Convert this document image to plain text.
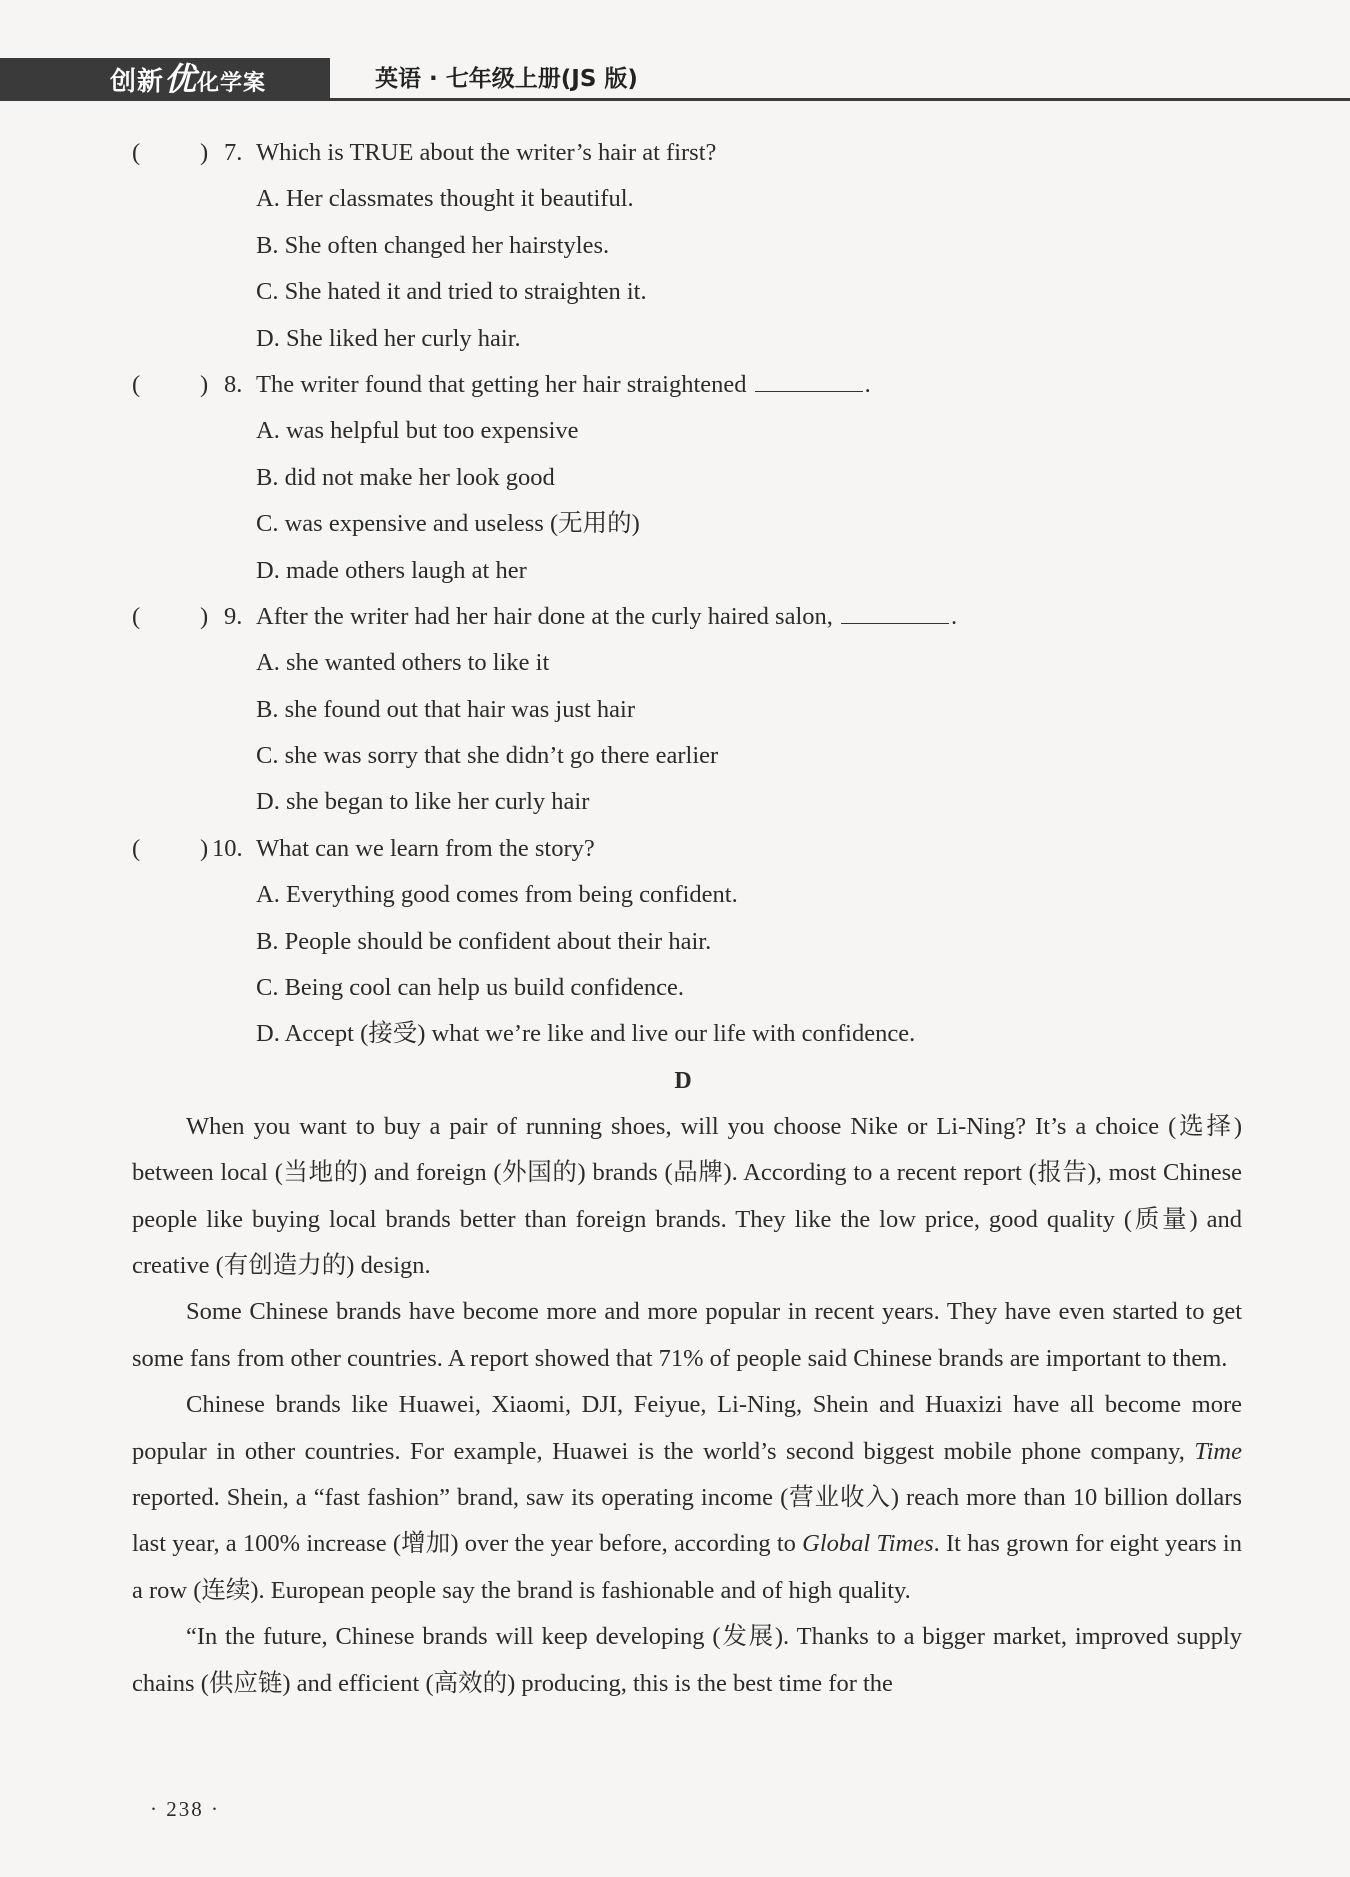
创新优化学案	英语 · 七年级上册(JS 版)
( ) 7. Which is TRUE about the writer’s hair at first?
A. Her classmates thought it beautiful.
B. She often changed her hairstyles.
C. She hated it and tried to straighten it.
D. She liked her curly hair.
( ) 8. The writer found that getting her hair straightened	.
A. was helpful but too expensive
B. did not make her look good
C. was expensive and useless (无用的)
D. made others laugh at her
( ) 9. After the writer had her hair done at the curly haired salon,	.
A. she wanted others to like it
B. she found out that hair was just hair
C. she was sorry that she didn’t go there earlier
D. she began to like her curly hair
( ) 10. What can we learn from the story?
A. Everything good comes from being confident.
B. People should be confident about their hair.
C. Being cool can help us build confidence.
D. Accept (接受) what we’re like and live our life with confidence.
D

When you want to buy a pair of running shoes, will you choose Nike or Li-Ning? It’s a choice (选择) between local (当地的) and foreign (外国的) brands (品牌). According to a recent report (报告), most Chinese people like buying local brands better than foreign brands. They like the low price, good quality (质量) and creative (有创造力的) design.

Some Chinese brands have become more and more popular in recent years. They have even started to get some fans from other countries. A report showed that 71% of people said Chinese brands are important to them.

Chinese brands like Huawei, Xiaomi, DJI, Feiyue, Li-Ning, Shein and Huaxizi have all become more popular in other countries. For example, Huawei is the world’s second biggest mobile phone company, Time reported. Shein, a “fast fashion” brand, saw its operating income (营业收入) reach more than 10 billion dollars last year, a 100% increase (增加) over the year before, according to Global Times. It has grown for eight years in a row (连续). European people say the brand is fashionable and of high quality.

“In the future, Chinese brands will keep developing (发展). Thanks to a bigger market, improved supply chains (供应链) and efficient (高效的) producing, this is the best time for the

· 238 ·
